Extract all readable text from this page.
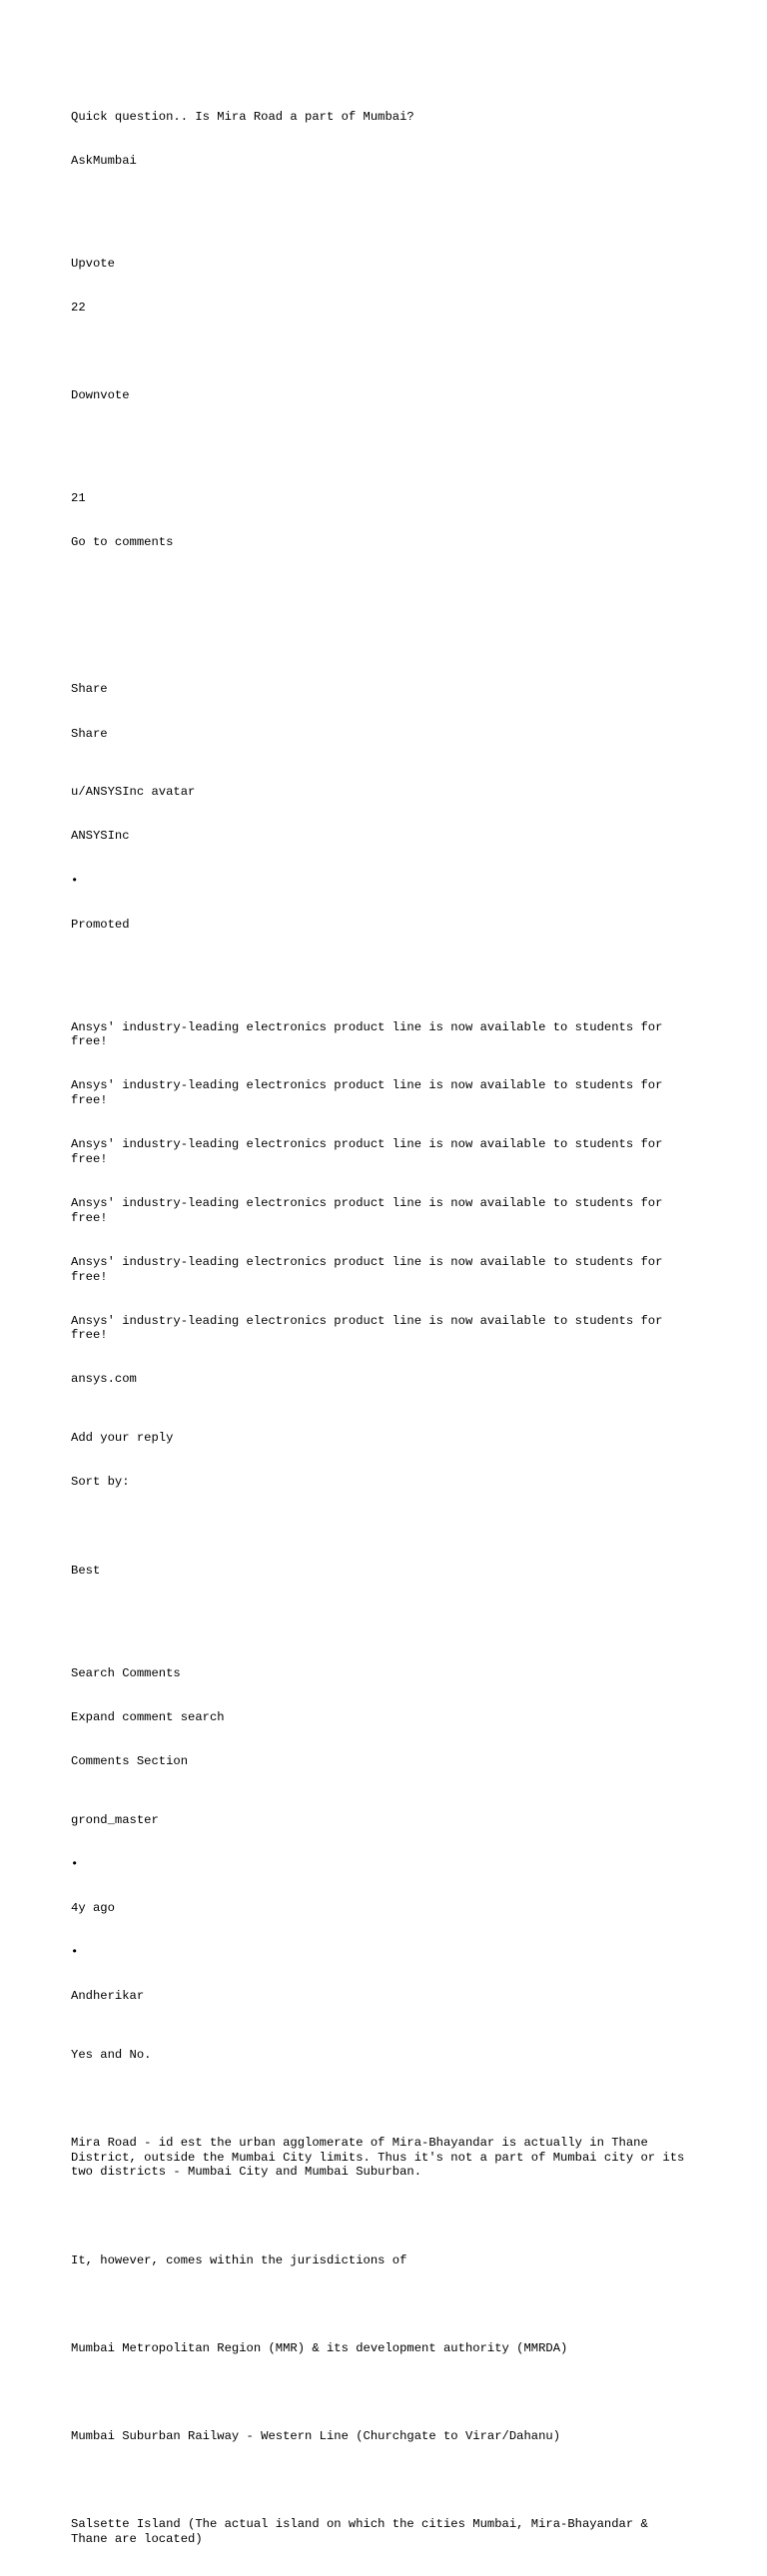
Quick question.. Is Mira Road a part of Mumbai?

AskMumbai

Upvote

22

Downvote

21

Go to comments

Share

Share

u/ANSYSInc avatar

ANSYSInc

•

Promoted

Ansys' industry-leading electronics product line is now available to students for free!

Ansys' industry-leading electronics product line is now available to students for free!

Ansys' industry-leading electronics product line is now available to students for free!

Ansys' industry-leading electronics product line is now available to students for free!

Ansys' industry-leading electronics product line is now available to students for free!

Ansys' industry-leading electronics product line is now available to students for free!

ansys.com

Add your reply

Sort by:

Best

Search Comments

Expand comment search

Comments Section

grond_master

•

4y ago

•

Andherikar

Yes and No.

Mira Road - id est the urban agglomerate of Mira-Bhayandar is actually in Thane District, outside the Mumbai City limits. Thus it's not a part of Mumbai city or its two districts - Mumbai City and Mumbai Suburban.

It, however, comes within the jurisdictions of

Mumbai Metropolitan Region (MMR) & its development authority (MMRDA)

Mumbai Suburban Railway - Western Line (Churchgate to Virar/Dahanu)

Salsette Island (The actual island on which the cities Mumbai, Mira-Bhayandar & Thane are located)
